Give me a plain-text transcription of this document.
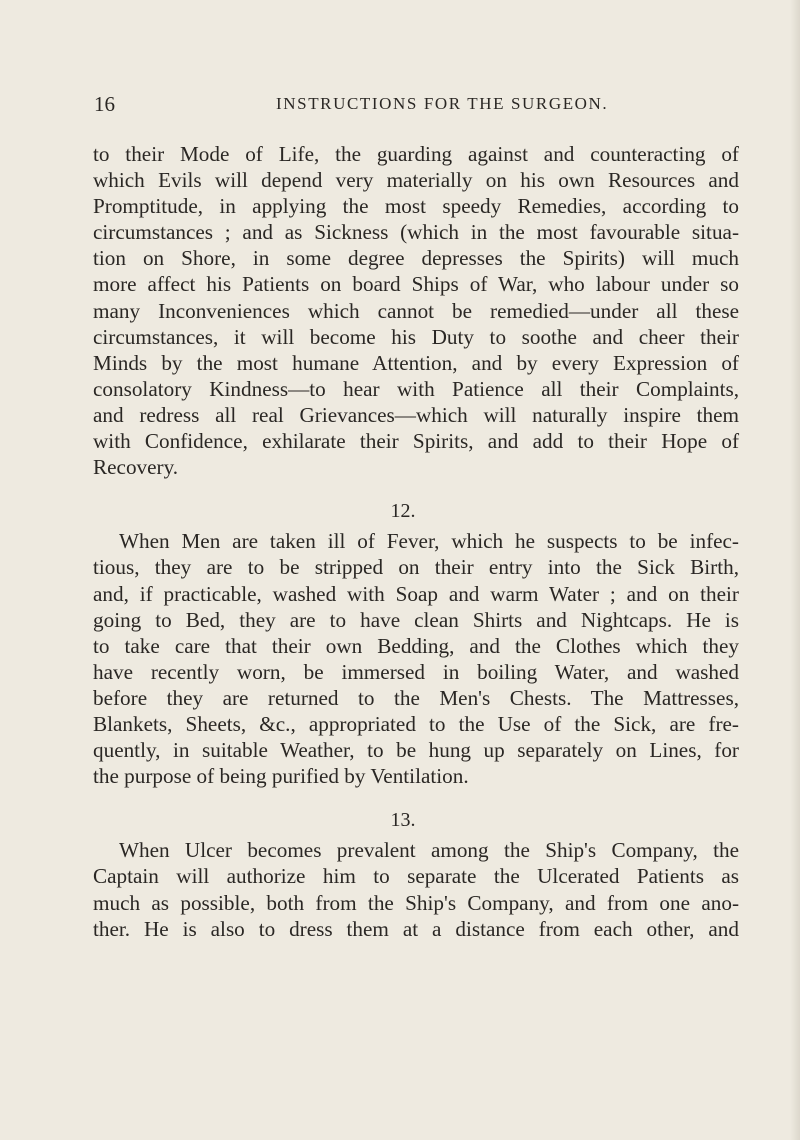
16	INSTRUCTIONS FOR THE SURGEON.
to their Mode of Life, the guarding against and counteracting of
which Evils will depend very materially on his own Resources and
Promptitude, in applying the most speedy Remedies, according to
circumstances ; and as Sickness (which in the most favourable situa-
tion on Shore, in some degree depresses the Spirits) will much
more affect his Patients on board Ships of War, who labour under so
many Inconveniences which cannot be remedied—under all these
circumstances, it will become his Duty to soothe and cheer their
Minds by the most humane Attention, and by every Expression of
consolatory Kindness—to hear with Patience all their Complaints,
and redress all real Grievances—which will naturally inspire them
with Confidence, exhilarate their Spirits, and add to their Hope of
Recovery.
12.
When Men are taken ill of Fever, which he suspects to be infec-
tious, they are to be stripped on their entry into the Sick Birth,
and, if practicable, washed with Soap and warm Water ; and on their
going to Bed, they are to have clean Shirts and Nightcaps. He is
to take care that their own Bedding, and the Clothes which they
have recently worn, be immersed in boiling Water, and washed
before they are returned to the Men's Chests. The Mattresses,
Blankets, Sheets, &c., appropriated to the Use of the Sick, are fre-
quently, in suitable Weather, to be hung up separately on Lines, for
the purpose of being purified by Ventilation.
13.
When Ulcer becomes prevalent among the Ship's Company, the
Captain will authorize him to separate the Ulcerated Patients as
much as possible, both from the Ship's Company, and from one ano-
ther. He is also to dress them at a distance from each other, and
